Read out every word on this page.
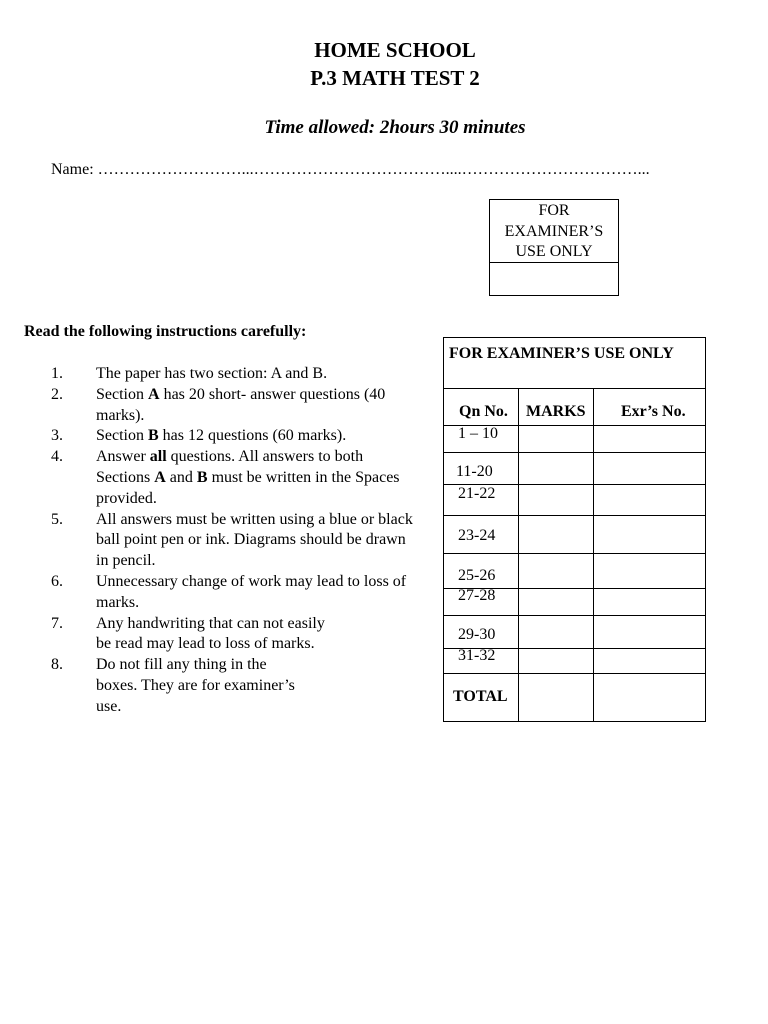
HOME SCHOOL
P.3 MATH TEST 2
Time allowed: 2hours 30 minutes
Name: ………………………...………………………………....……………………………...
FOR
EXAMINER’S
USE ONLY
Read the following instructions carefully:
1.	The paper has two section: A and B.
2.	Section A has 20 short- answer questions (40 marks).
3.	Section B has 12 questions (60 marks).
4.	Answer all questions. All answers to both Sections A and B must be written in the Spaces provided.
5.	All answers must be written using a blue or black ball point pen or ink. Diagrams should be drawn in pencil.
6.	Unnecessary change of work may lead to loss of marks.
7.	Any handwriting that can not easily
be read may lead to loss of marks.
8.	Do not fill any thing in the
boxes. They are for examiner’s
use.
FOR EXAMINER’S USE ONLY
Qn No. MARKS Exr’s No.
1 – 10
11-20
21-22
23-24
25-26
27-28
29-30
31-32
TOTAL
